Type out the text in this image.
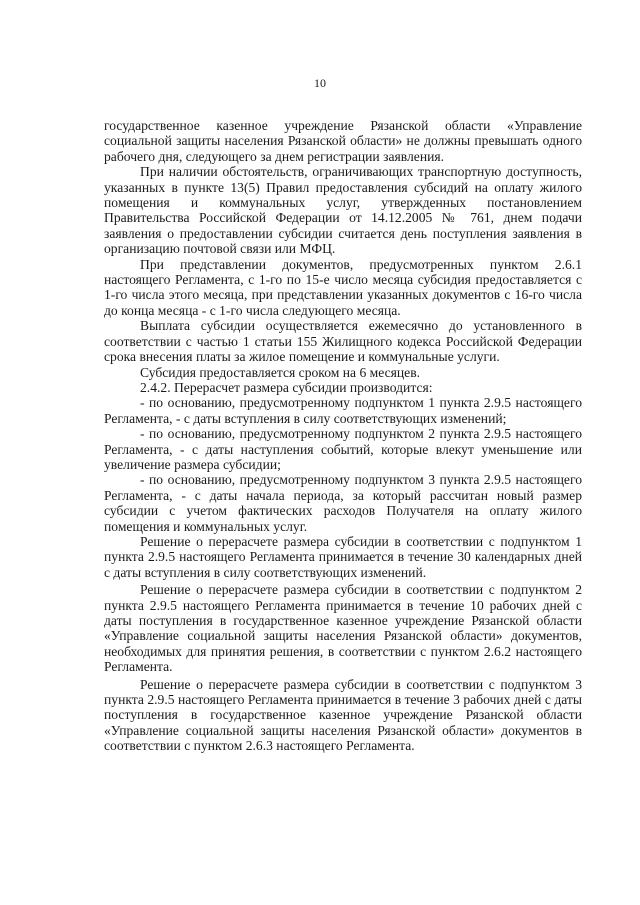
10

государственное казенное учреждение Рязанской области «Управление социальной защиты населения Рязанской области» не должны превышать одного рабочего дня, следующего за днем регистрации заявления.

При наличии обстоятельств, ограничивающих транспортную доступность, указанных в пункте 13(5) Правил предоставления субсидий на оплату жилого помещения и коммунальных услуг, утвержденных постановлением Правительства Российской Федерации от 14.12.2005 № 761, днем подачи заявления о предоставлении субсидии считается день поступления заявления в организацию почтовой связи или МФЦ.

При представлении документов, предусмотренных пунктом 2.6.1 настоящего Регламента, с 1-го по 15-е число месяца субсидия предоставляется с 1-го числа этого месяца, при представлении указанных документов с 16-го числа до конца месяца - с 1-го числа следующего месяца.

Выплата субсидии осуществляется ежемесячно до установленного в соответствии с частью 1 статьи 155 Жилищного кодекса Российской Федерации срока внесения платы за жилое помещение и коммунальные услуги.

Субсидия предоставляется сроком на 6 месяцев.

2.4.2. Перерасчет размера субсидии производится:

- по основанию, предусмотренному подпунктом 1 пункта 2.9.5 настоящего Регламента, - с даты вступления в силу соответствующих изменений;

- по основанию, предусмотренному подпунктом 2 пункта 2.9.5 настоящего Регламента, - с даты наступления событий, которые влекут уменьшение или увеличение размера субсидии;

- по основанию, предусмотренному подпунктом 3 пункта 2.9.5 настоящего Регламента, - с даты начала периода, за который рассчитан новый размер субсидии с учетом фактических расходов Получателя на оплату жилого помещения и коммунальных услуг.

Решение о перерасчете размера субсидии в соответствии с подпунктом 1 пункта 2.9.5 настоящего Регламента принимается в течение 30 календарных дней с даты вступления в силу соответствующих изменений.

Решение о перерасчете размера субсидии в соответствии с подпунктом 2 пункта 2.9.5 настоящего Регламента принимается в течение 10 рабочих дней с даты поступления в государственное казенное учреждение Рязанской области «Управление социальной защиты населения Рязанской области» документов, необходимых для принятия решения, в соответствии с пунктом 2.6.2 настоящего Регламента.

Решение о перерасчете размера субсидии в соответствии с подпунктом 3 пункта 2.9.5 настоящего Регламента принимается в течение 3 рабочих дней с даты поступления в государственное казенное учреждение Рязанской области «Управление социальной защиты населения Рязанской области» документов в соответствии с пунктом 2.6.3 настоящего Регламента.
